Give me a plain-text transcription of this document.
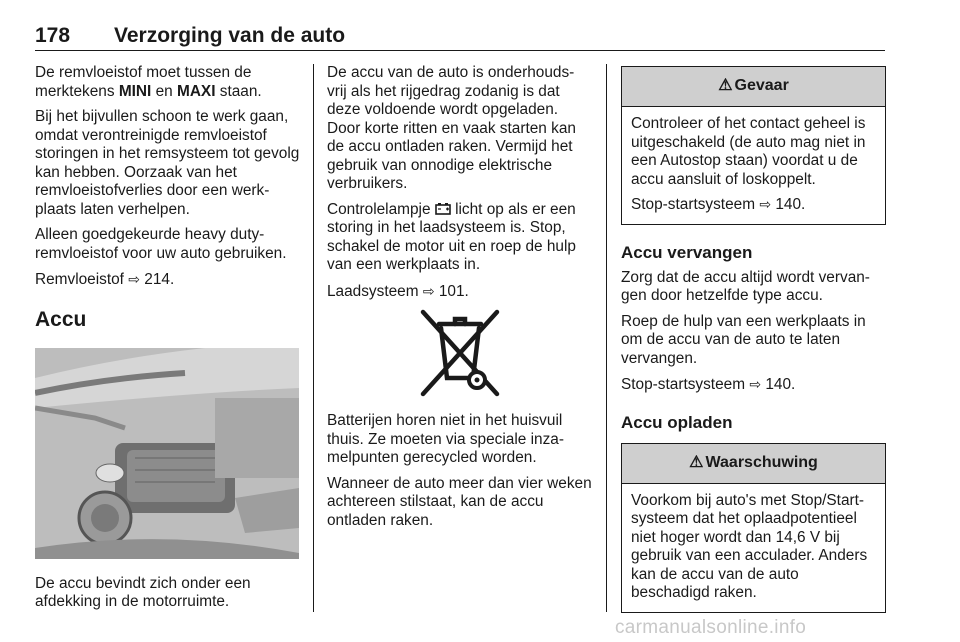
178 Verzorging van de auto

De remvloeistof moet tussen de merktekens MINI en MAXI staan.

Bij het bijvullen schoon te werk gaan, omdat verontreinigde remvloeistof storingen in het remsysteem tot gevolg kan hebben. Oorzaak van het remvloeistofverlies door een werk-plaats laten verhelpen.

Alleen goedgekeurde heavy duty-remvloeistof voor uw auto gebruiken.

Remvloeistof ⇨ 214.

Accu

De accu bevindt zich onder een afdekking in de motorruimte.

De accu van de auto is onderhouds-vrij als het rijgedrag zodanig is dat deze voldoende wordt opgeladen. Door korte ritten en vaak starten kan de accu ontladen raken. Vermijd het gebruik van onnodige elektrische verbruikers.

Controlelampje  licht op als er een storing in het laadsysteem is. Stop, schakel de motor uit en roep de hulp van een werkplaats in.

Laadsysteem ⇨ 101.

Batterijen horen niet in het huisvuil thuis. Ze moeten via speciale inza-melpunten gerecycled worden.

Wanneer de auto meer dan vier weken achtereen stilstaat, kan de accu ontladen raken.

⚠ Gevaar

Controleer of het contact geheel is uitgeschakeld (de auto mag niet in een Autostop staan) voordat u de accu aansluit of loskoppelt.

Stop-startsysteem ⇨ 140.

Accu vervangen

Zorg dat de accu altijd wordt vervan-gen door hetzelfde type accu.

Roep de hulp van een werkplaats in om de accu van de auto te laten vervangen.

Stop-startsysteem ⇨ 140.

Accu opladen
⚠ Waarschuwing

Voorkom bij auto's met Stop/Start-systeem dat het oplaadpotentieel niet hoger wordt dan 14,6 V bij gebruik van een acculader. Anders kan de accu van de auto beschadigd raken.

carmanualsonline.info
